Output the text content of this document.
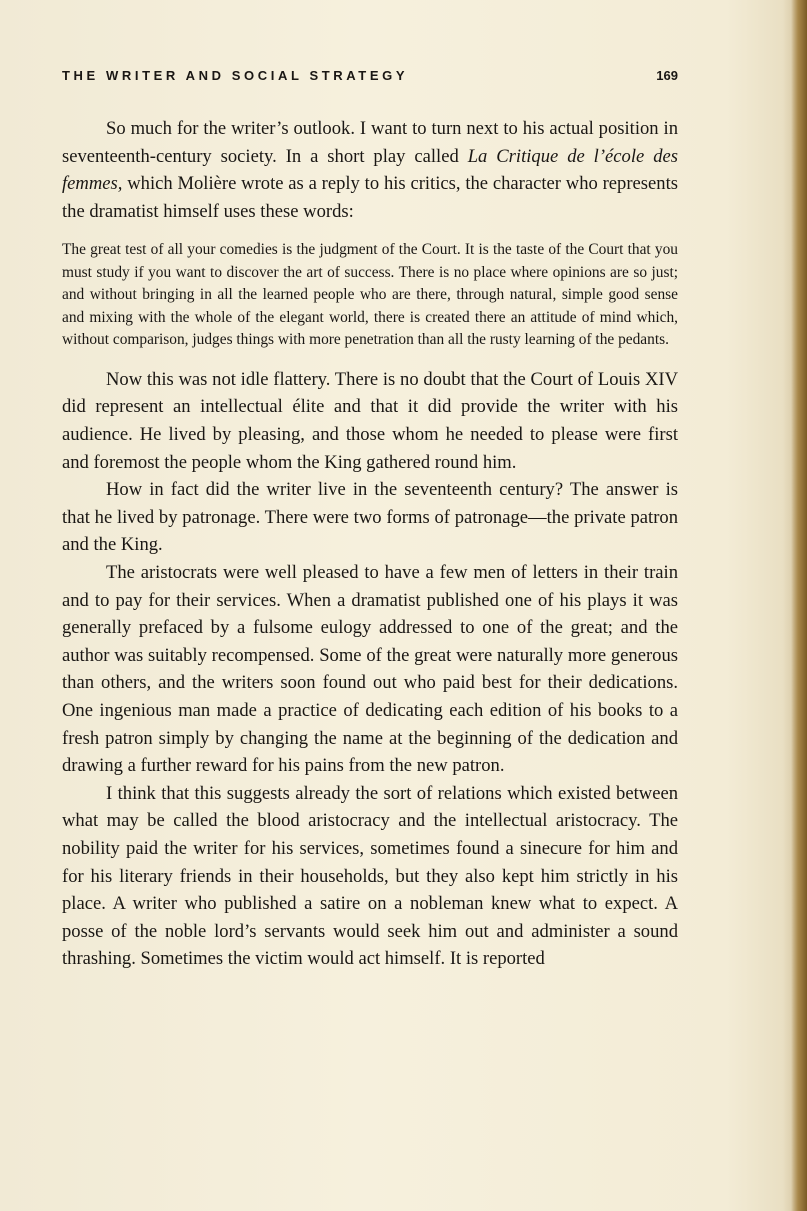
THE WRITER AND SOCIAL STRATEGY	169

So much for the writer’s outlook. I want to turn next to his actual position in seventeenth-century society. In a short play called La Critique de l’école des femmes, which Molière wrote as a reply to his critics, the character who represents the dramatist himself uses these words:

The great test of all your comedies is the judgment of the Court. It is the taste of the Court that you must study if you want to discover the art of success. There is no place where opinions are so just; and without bringing in all the learned people who are there, through natural, simple good sense and mixing with the whole of the elegant world, there is created there an attitude of mind which, without comparison, judges things with more penetration than all the rusty learning of the pedants.

Now this was not idle flattery. There is no doubt that the Court of Louis XIV did represent an intellectual élite and that it did provide the writer with his audience. He lived by pleasing, and those whom he needed to please were first and foremost the people whom the King gathered round him.

How in fact did the writer live in the seventeenth century? The answer is that he lived by patronage. There were two forms of patronage—the private patron and the King.

The aristocrats were well pleased to have a few men of letters in their train and to pay for their services. When a dramatist published one of his plays it was generally prefaced by a fulsome eulogy addressed to one of the great; and the author was suitably recompensed. Some of the great were naturally more generous than others, and the writers soon found out who paid best for their dedications. One ingenious man made a practice of dedicating each edition of his books to a fresh patron simply by changing the name at the beginning of the dedication and drawing a further reward for his pains from the new patron.

I think that this suggests already the sort of relations which existed between what may be called the blood aristocracy and the intellectual aristocracy. The nobility paid the writer for his services, sometimes found a sinecure for him and for his literary friends in their households, but they also kept him strictly in his place. A writer who published a satire on a nobleman knew what to expect. A posse of the noble lord’s servants would seek him out and administer a sound thrashing. Sometimes the victim would act himself. It is reported
